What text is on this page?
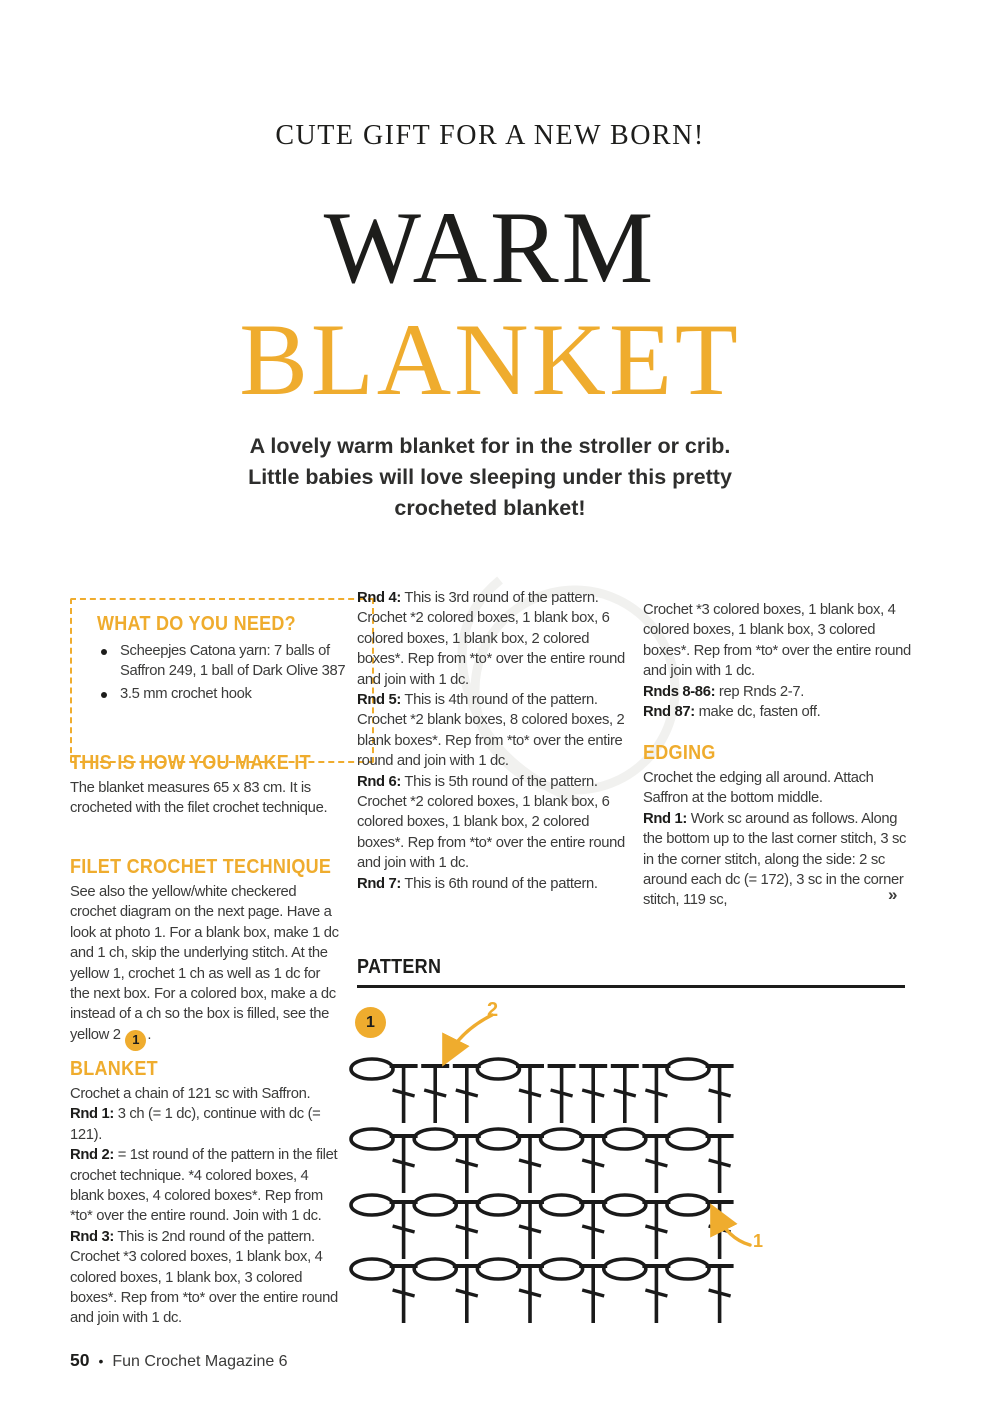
CUTE GIFT FOR A NEW BORN!
WARM
BLANKET
A lovely warm blanket for in the stroller or crib.
Little babies will love sleeping under this pretty
crocheted blanket!
WHAT DO YOU NEED?
Scheepjes Catona yarn: 7 balls of Saffron 249, 1 ball of Dark Olive 387
3.5 mm crochet hook
THIS IS HOW YOU MAKE IT

The blanket measures 65 x 83 cm. It is crocheted with the filet crochet technique.

FILET CROCHET TECHNIQUE

See also the yellow/white checkered crochet diagram on the next page. Have a look at photo 1. For a blank box, make 1 dc and 1 ch, skip the underlying stitch. At the yellow 1, crochet 1 ch as well as 1 dc for the next box. For a colored box, make a dc instead of a ch so the box is filled, see the yellow 2 1 .

BLANKET

Crochet a chain of 121 sc with Saffron.

Rnd 1: 3 ch (= 1 dc), continue with dc (= 121).

Rnd 2: = 1st round of the pattern in the filet crochet technique. *4 colored boxes, 4 blank boxes, 4 colored boxes*. Rep from *to* over the entire round. Join with 1 dc.

Rnd 3: This is 2nd round of the pattern. Crochet *3 colored boxes, 1 blank box, 4 colored boxes, 1 blank box, 3 colored boxes*. Rep from *to* over the entire round and join with 1 dc.

Rnd 4: This is 3rd round of the pattern. Crochet *2 colored boxes, 1 blank box, 6 colored boxes, 1 blank box, 2 colored boxes*. Rep from *to* over the entire round and join with 1 dc.

Rnd 5: This is 4th round of the pattern. Crochet *2 blank boxes, 8 colored boxes, 2 blank boxes*. Rep from *to* over the entire round and join with 1 dc.

Rnd 6: This is 5th round of the pattern. Crochet *2 colored boxes, 1 blank box, 6 colored boxes, 1 blank box, 2 colored boxes*. Rep from *to* over the entire round and join with 1 dc.

Rnd 7: This is 6th round of the pattern.

Crochet *3 colored boxes, 1 blank box, 4 colored boxes, 1 blank box, 3 colored boxes*. Rep from *to* over the entire round and join with 1 dc.

Rnds 8-86: rep Rnds 2-7.

Rnd 87: make dc, fasten off.

EDGING

Crochet the edging all around. Attach Saffron at the bottom middle.

Rnd 1: Work sc around as follows. Along the bottom up to the last corner stitch, 3 sc in the corner stitch, along the side: 2 sc around each dc (= 172), 3 sc in the corner stitch, 119 sc,	»
PATTERN
1
2
1
50 • Fun Crochet Magazine 6
